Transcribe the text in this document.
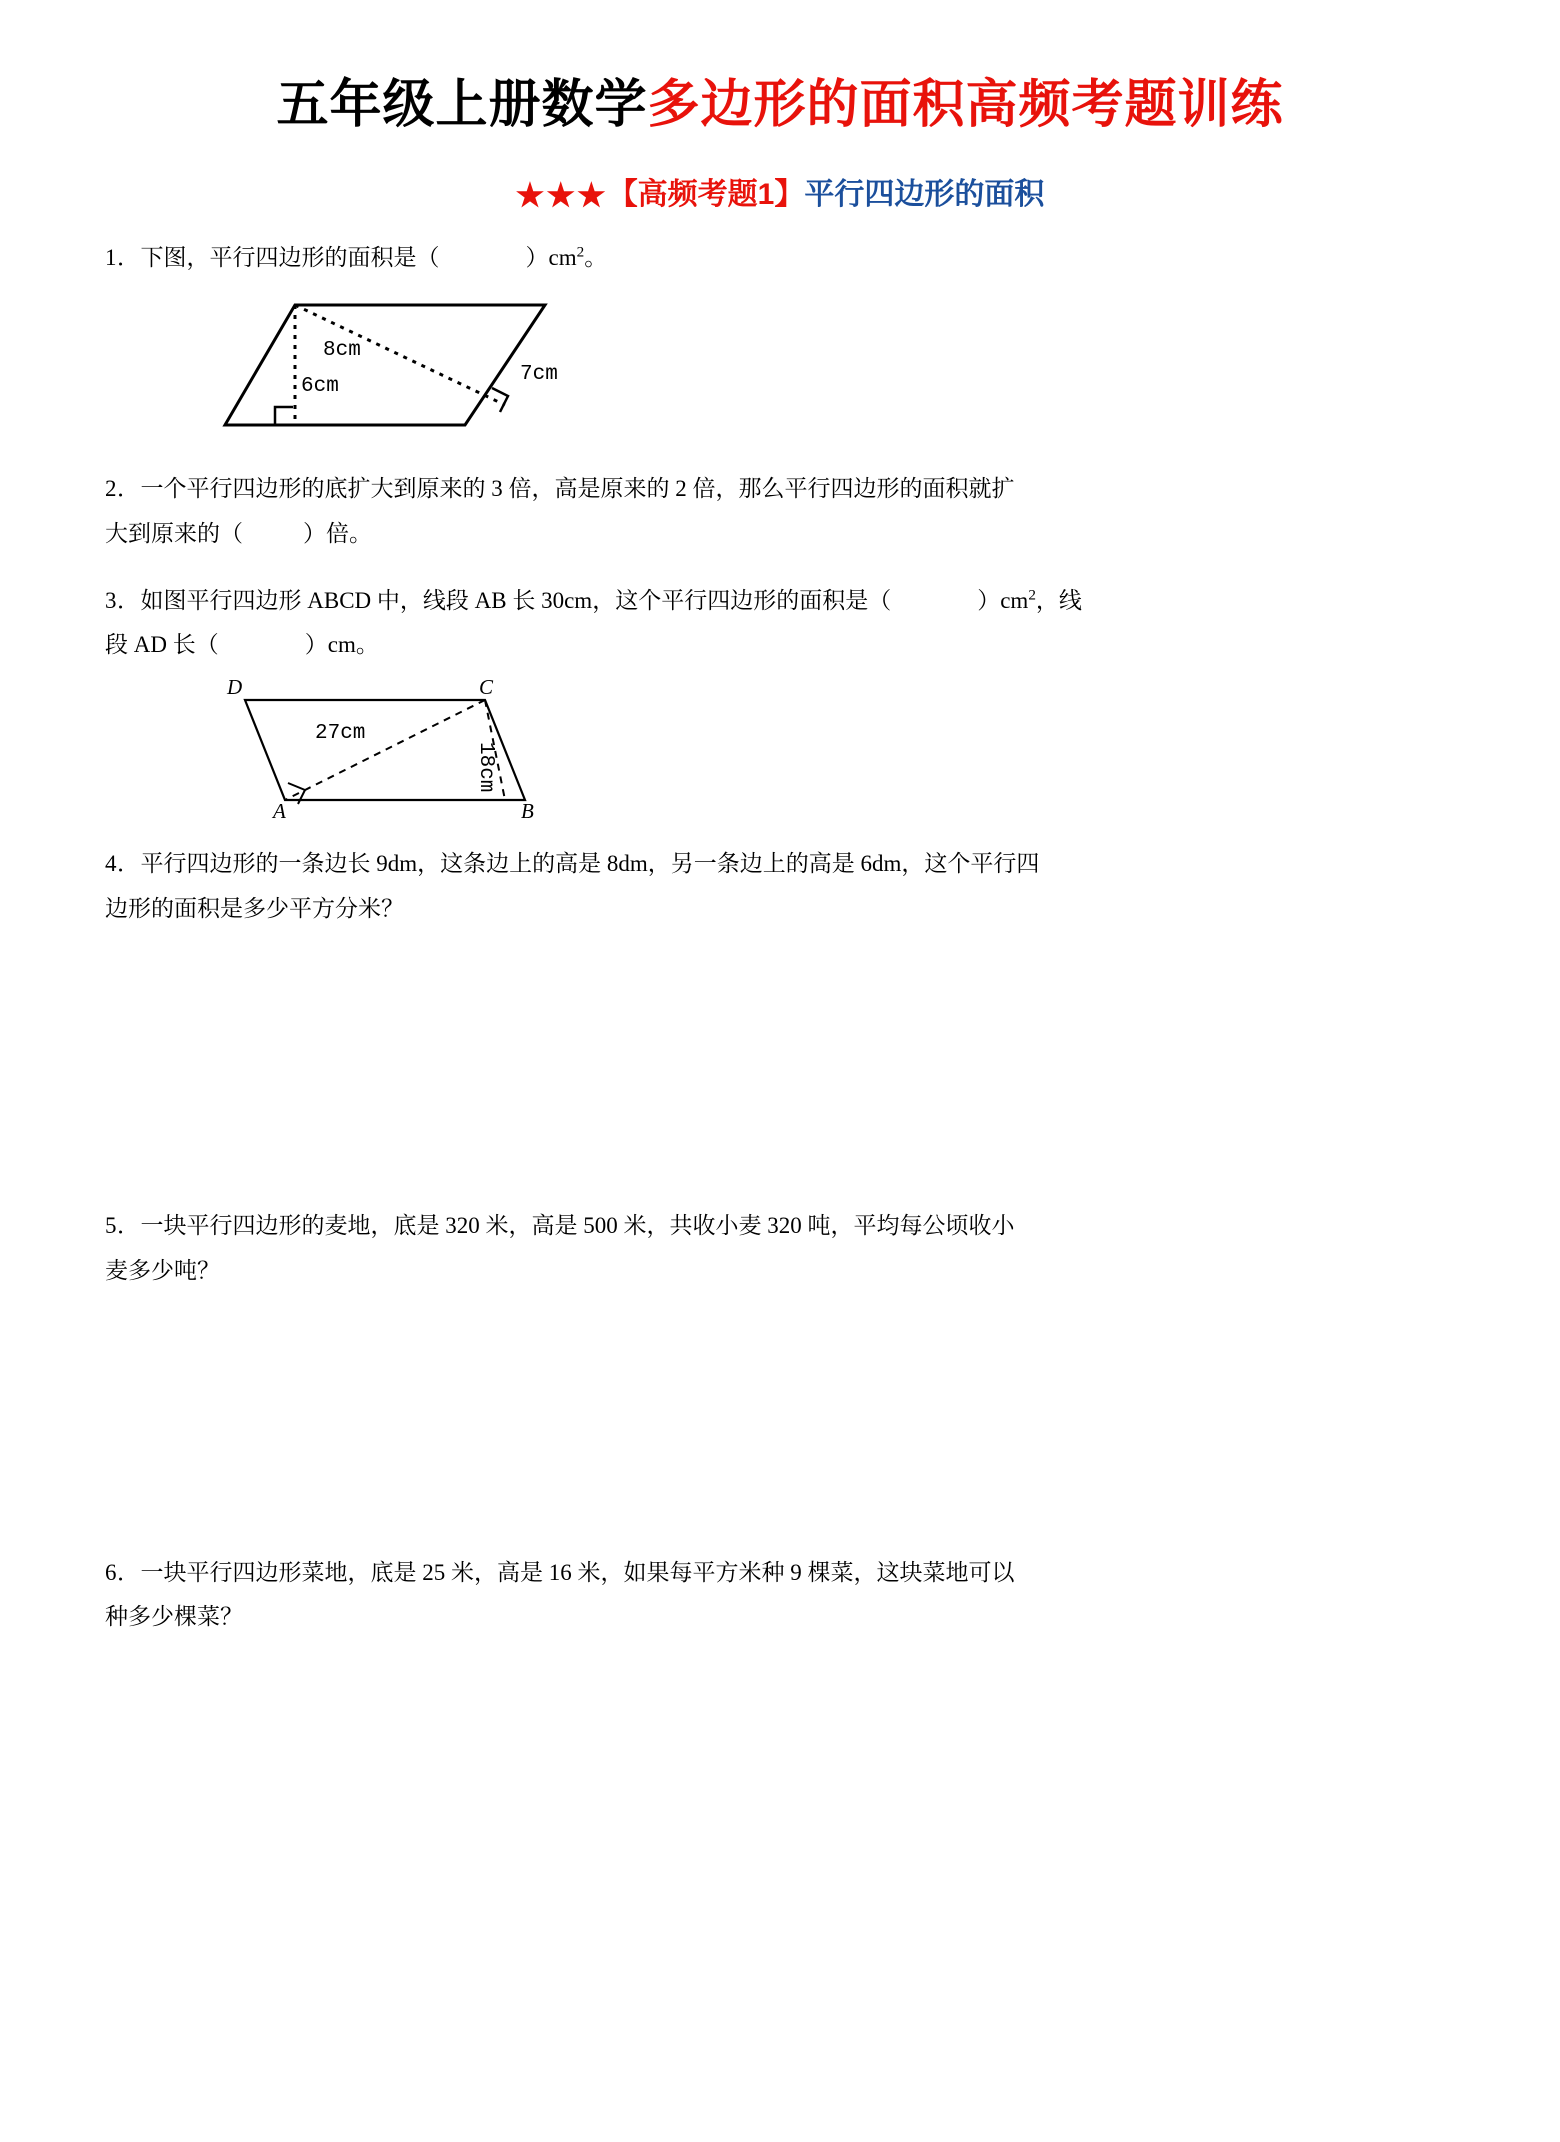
五年级上册数学多边形的面积高频考题训练
★★★【高频考题1】平行四边形的面积
1．下图，平行四边形的面积是（	）$cm^2$。
8cm
6cm
7cm
2．一个平行四边形的底扩大到原来的 3 倍，高是原来的 2 倍，那么平行四边形的面积就扩
大到原来的（	）倍。
3．如图平行四边形 ABCD 中，线段 AB 长 30cm，这个平行四边形的面积是（	）$cm^2$，线
段 AD 长（	）cm。
D	C
A	B
27cm
18cm
4．平行四边形的一条边长 9dm，这条边上的高是 8dm，另一条边上的高是 6dm，这个平行四
边形的面积是多少平方分米？
5．一块平行四边形的麦地，底是 320 米，高是 500 米，共收小麦 320 吨，平均每公顷收小
麦多少吨？
6．一块平行四边形菜地，底是 25 米，高是 16 米，如果每平方米种 9 棵菜，这块菜地可以
种多少棵菜？
